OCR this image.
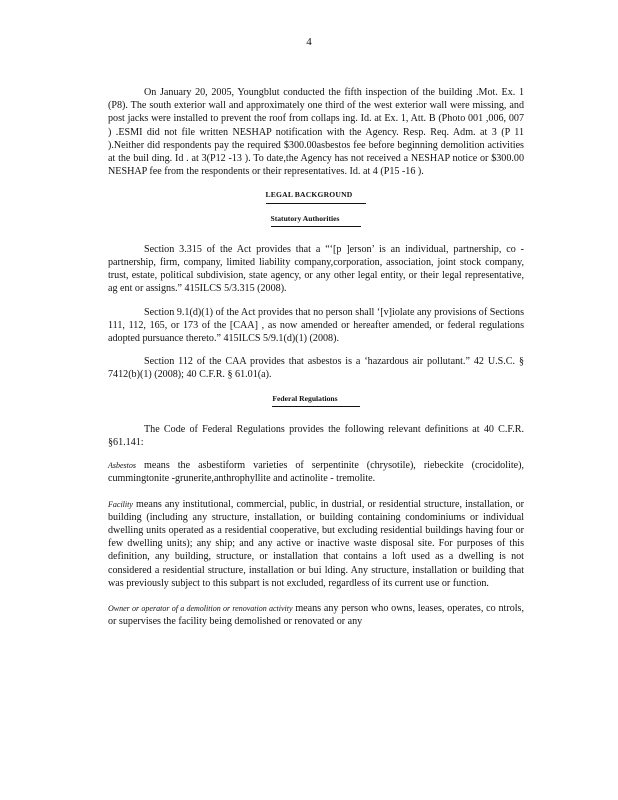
4

On January 20, 2005, Youngblut conducted the fifth inspection of the building .Mot. Ex. 1 (P8). The south exterior wall and approximately one third of the west exterior wall were missing, and post jacks were installed to prevent the roof from collaps ing. Id. at Ex. 1, Att. B (Photo 001 ,006, 007 ) .ESMI did not file written NESHAP notification with the Agency. Resp. Req. Adm. at 3 (P 11 ).Neither did respondents pay the required $300.00asbestos fee before beginning demolition activities at the buil ding. Id . at 3(P12 -13 ). To date,the Agency has not received a NESHAP notice or $300.00 NESHAP fee from the respondents or their representatives. Id. at 4 (P15 -16 ).

LEGAL BACKGROUND
Statutory Authorities

Section 3.315 of the Act provides that a “‘[p ]erson’ is an individual, partnership, co -partnership, firm, company, limited liability company,corporation, association, joint stock company, trust, estate, political subdivision, state agency, or any other legal entity, or their legal representative, ag ent or assigns.” 415ILCS 5/3.315 (2008).

Section 9.1(d)(1) of the Act provides that no person shall ‘[v]iolate any provisions of Sections 111, 112, 165, or 173 of the [CAA] , as now amended or hereafter amended, or federal regulations adopted pursuance thereto.” 415ILCS 5/9.1(d)(1) (2008).

Section 112 of the CAA provides that asbestos is a ‘hazardous air pollutant.” 42 U.S.C. § 7412(b)(1) (2008); 40 C.F.R. § 61.01(a).

Federal Regulations

The Code of Federal Regulations provides the following relevant definitions at 40 C.F.R. §61.141:

Asbestos means the asbestiform varieties of serpentinite (chrysotile), riebeckite (crocidolite), cummingtonite -grunerite,anthrophyllite and actinolite - tremolite.

Facility means any institutional, commercial, public, in dustrial, or residential structure, installation, or building (including any structure, installation, or building containing condominiums or individual dwelling units operated as a residential cooperative, but excluding residential buildings having four or few dwelling units); any ship; and any active or inactive waste disposal site. For purposes of this definition, any building, structure, or installation that contains a loft used as a dwelling is not considered a residential structure, installation or bui lding. Any structure, installation or building that was previously subject to this subpart is not excluded, regardless of its current use or function.

Owner or operator of a demolition or renovation activity means any person who owns, leases, operates, co ntrols, or supervises the facility being demolished or renovated or any
